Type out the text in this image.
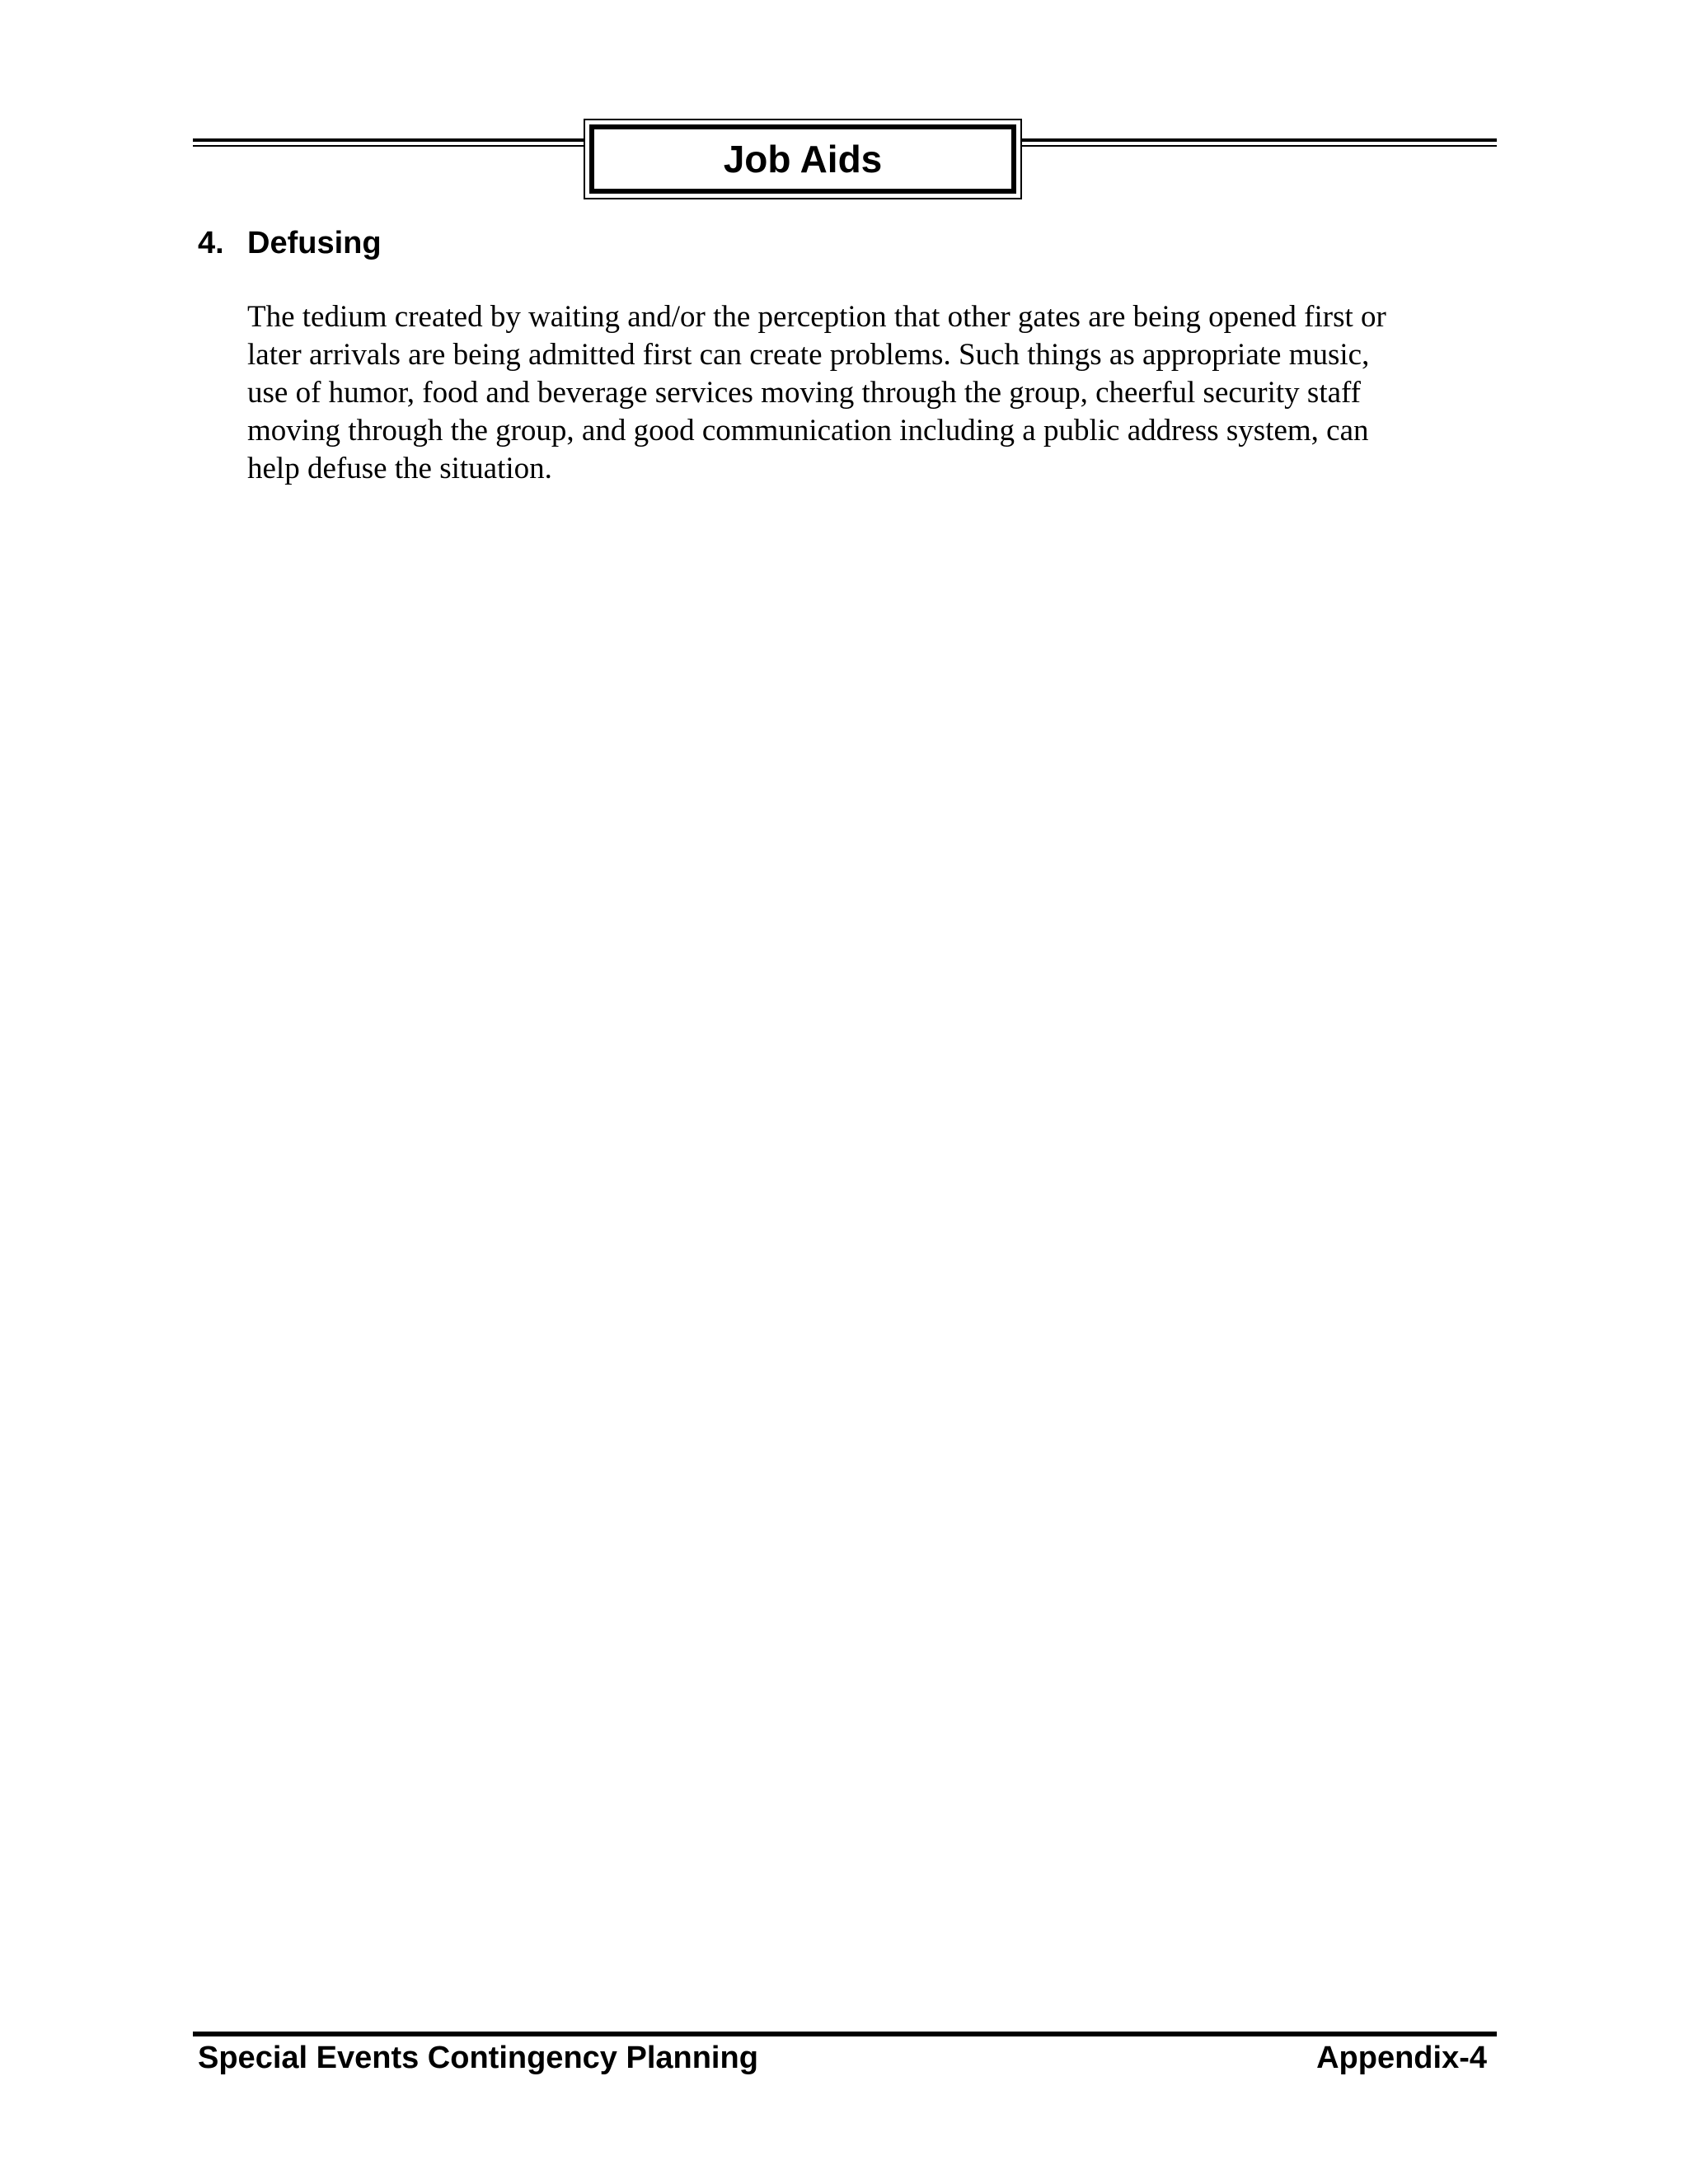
Job Aids
4. Defusing
The tedium created by waiting and/or the perception that other gates are being opened first or
later arrivals are being admitted first can create problems. Such things as appropriate music,
use of humor, food and beverage services moving through the group, cheerful security staff
moving through the group, and good communication including a public address system, can
help defuse the situation.
Special Events Contingency Planning	Appendix-4
